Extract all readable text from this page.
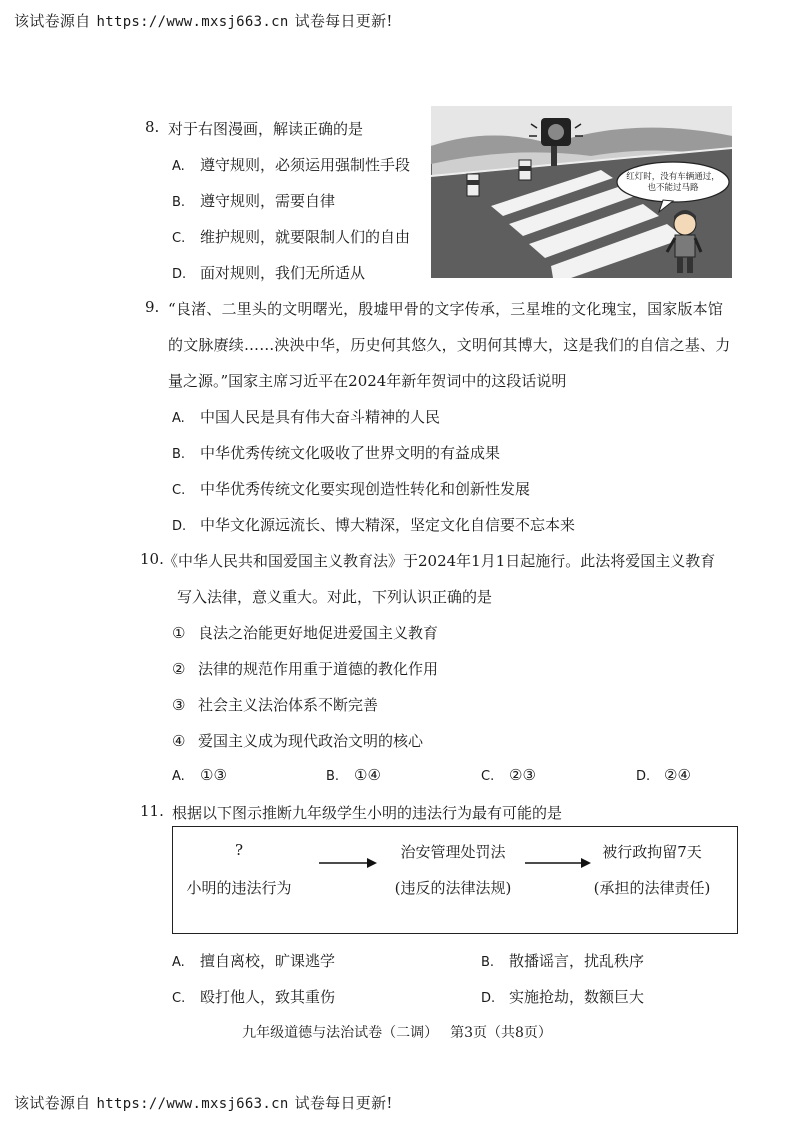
该试卷源自 https://www.mxsj663.cn 试卷每日更新!
8. 对于右图漫画，解读正确的是
A. 遵守规则，必须运用强制性手段
B. 遵守规则，需要自律
C. 维护规则，就要限制人们的自由
D. 面对规则，我们无所适从
红灯时，没有车辆通过，
也不能过马路
9. “良渚、二里头的文明曙光，殷墟甲骨的文字传承，三星堆的文化瑰宝，国家版本馆
的文脉赓续……泱泱中华，历史何其悠久，文明何其博大，这是我们的自信之基、力
量之源。”国家主席习近平在2024年新年贺词中的这段话说明
A. 中国人民是具有伟大奋斗精神的人民
B. 中华优秀传统文化吸收了世界文明的有益成果
C. 中华优秀传统文化要实现创造性转化和创新性发展
D. 中华文化源远流长、博大精深，坚定文化自信要不忘本来
10. 《中华人民共和国爱国主义教育法》于2024年1月1日起施行。此法将爱国主义教育
写入法律，意义重大。对此，下列认识正确的是
① 良法之治能更好地促进爱国主义教育
② 法律的规范作用重于道德的教化作用
③ 社会主义法治体系不断完善
④ 爱国主义成为现代政治文明的核心
A. ①③	B. ①④	C. ②③	D. ②④
11. 根据以下图示推断九年级学生小明的违法行为最有可能的是
?
小明的违法行为
治安管理处罚法
(违反的法律法规)
被行政拘留7天
(承担的法律责任)
A. 擅自离校，旷课逃学	B. 散播谣言，扰乱秩序
C. 殴打他人，致其重伤	D. 实施抢劫，数额巨大
九年级道德与法治试卷（二调） 第3页（共8页）
该试卷源自 https://www.mxsj663.cn 试卷每日更新!
